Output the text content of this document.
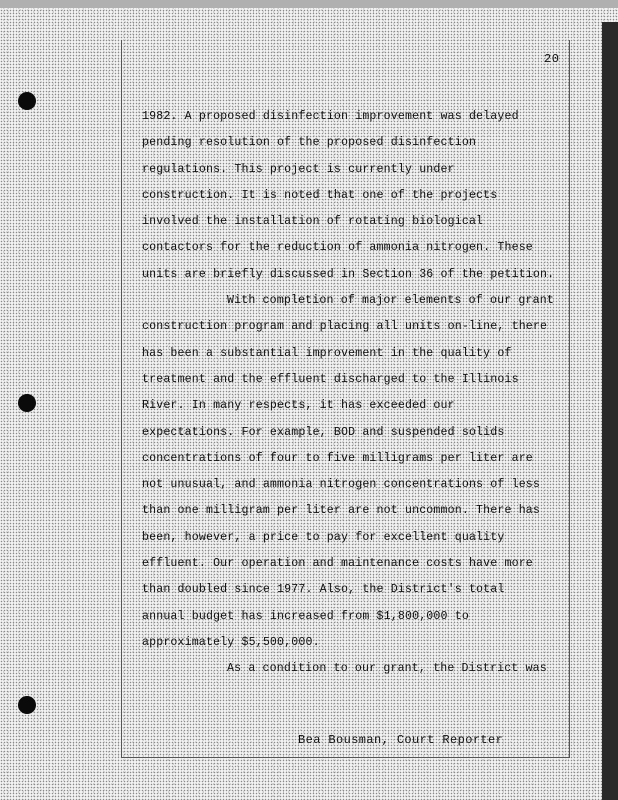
20
1982. A proposed disinfection improvement was delayed
pending resolution of the proposed disinfection
regulations. This project is currently under
construction. It is noted that one of the projects
involved the installation of rotating biological
contactors for the reduction of ammonia nitrogen. These
units are briefly discussed in Section 36 of the petition.
With completion of major elements of our grant
construction program and placing all units on-line, there
has been a substantial improvement in the quality of
treatment and the effluent discharged to the Illinois
River. In many respects, it has exceeded our
expectations. For example, BOD and suspended solids
concentrations of four to five milligrams per liter are
not unusual, and ammonia nitrogen concentrations of less
than one milligram per liter are not uncommon. There has
been, however, a price to pay for excellent quality
effluent. Our operation and maintenance costs have more
than doubled since 1977. Also, the District's total
annual budget has increased from $1,800,000 to
approximately $5,500,000.
As a condition to our grant, the District was
Bea Bousman, Court Reporter
